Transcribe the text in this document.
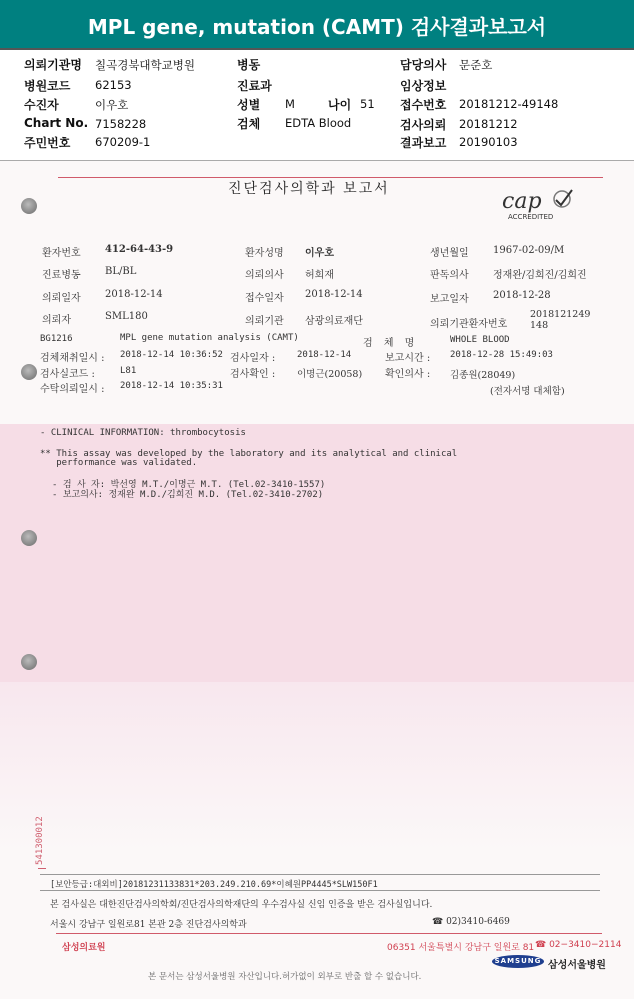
MPL gene, mutation (CAMT) 검사결과보고서
의뢰기관명 칠곡경북대학교병원	병동	담당의사 문준호
병원코드 62153	진료과	임상정보
수진자	이우호	성별 M	나이 51 접수번호 20181212-49148
Chart No. 7158228	검체 EDTA Blood	검사의뢰 20181212
주민번호 670209-1	결과보고 20190103
진단검사의학과 보고서	cap
ACCREDITED
환자번호 412-64-43-9	환자성명 이우호	생년월일 1967-02-09/M
진료병동 BL/BL	의뢰의사 허희재	판독의사 정재완/김희진/김희진
의뢰일자 2018-12-14	접수일자 2018-12-14	보고일자 2018-12-28
의뢰자	SML180	의뢰기관 삼광의료재단	의뢰기관환자번호
2018121249148
BG1216	MPL gene mutation analysis (CAMT)	검 체 명	WHOLE BLOOD
검체채취일시 : 2018-12-14 10:36:52 검사일자 : 2018-12-14	보고시간 : 2018-12-28 15:49:03
검사실코드 :	L81	검사확인 : 이명근(20058) 확인의사 : 김종원(28049)
수탁의뢰일시 : 2018-12-14 10:35:31	(전자서명 대체함)
- CLINICAL INFORMATION: thrombocytosis
** This assay was developed by the laboratory and its analytical and clinical
performance was validated.
- 검 사 자: 박선영 M.T./이명근 M.T. (Tel.02-3410-1557)
- 보고의사: 정재완 M.D./김희진 M.D. (Tel.02-3410-2702)
541300012
[보안등급:대외비]20181231133831*203.249.210.69*이혜원PP4445*SLW150F1
본 검사실은 대한진단검사의학회/진단검사의학재단의 우수검사실 신임 인증을 받은 검사실입니다.
서울시 강남구 일원로81 본관 2층 진단검사의학과	☎ 02)3410-6469
삼성의료원	06351 서울특별시 강남구 일원로 81 ☎ 02−3410−2114
SAMSUNG 삼성서울병원
본 문서는 삼성서울병원 자산입니다.허가없이 외부로 반출 할 수 없습니다.
